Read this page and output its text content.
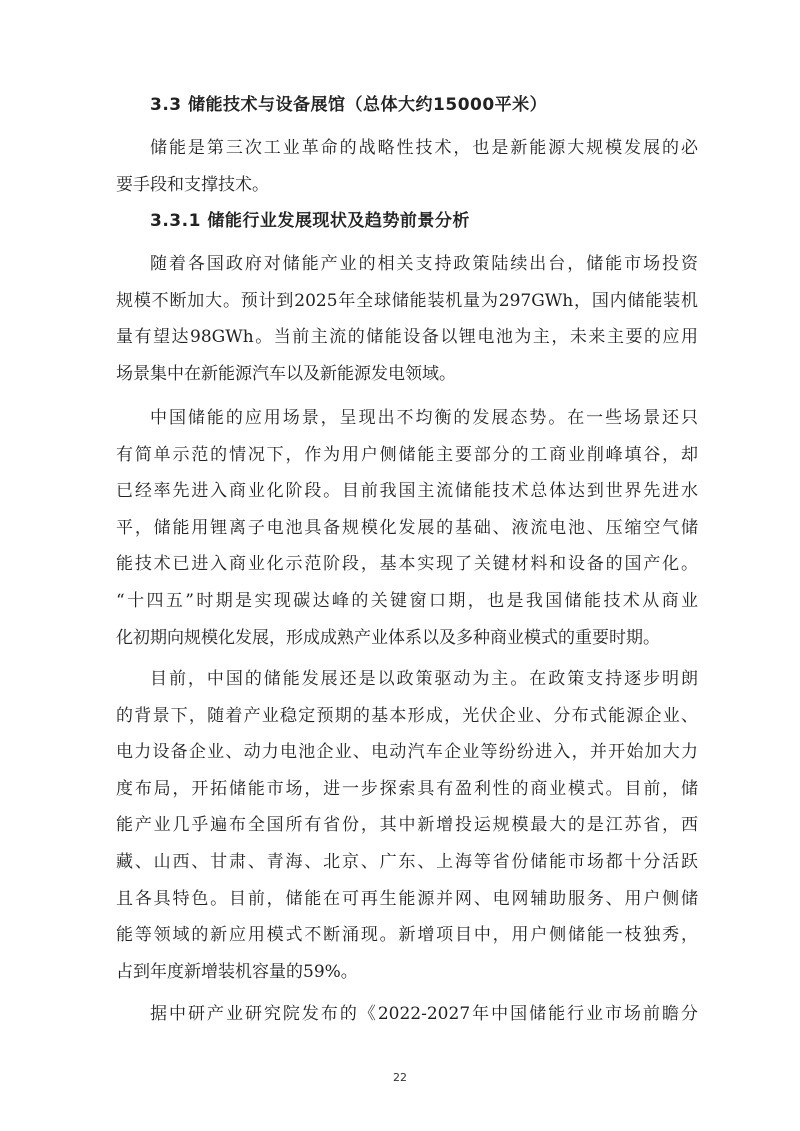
3.3 储能技术与设备展馆（总体大约15000平米）

储能是第三次工业革命的战略性技术，也是新能源大规模发展的必
要手段和支撑技术。

3.3.1 储能行业发展现状及趋势前景分析

随着各国政府对储能产业的相关支持政策陆续出台，储能市场投资
规模不断加大。预计到2025年全球储能装机量为297GWh，国内储能装机
量有望达98GWh。当前主流的储能设备以锂电池为主，未来主要的应用
场景集中在新能源汽车以及新能源发电领域。

中国储能的应用场景，呈现出不均衡的发展态势。在一些场景还只
有简单示范的情况下，作为用户侧储能主要部分的工商业削峰填谷，却
已经率先进入商业化阶段。目前我国主流储能技术总体达到世界先进水
平，储能用锂离子电池具备规模化发展的基础、液流电池、压缩空气储
能技术已进入商业化示范阶段，基本实现了关键材料和设备的国产化。
“十四五”时期是实现碳达峰的关键窗口期，也是我国储能技术从商业
化初期向规模化发展，形成成熟产业体系以及多种商业模式的重要时期。

目前，中国的储能发展还是以政策驱动为主。在政策支持逐步明朗
的背景下，随着产业稳定预期的基本形成，光伏企业、分布式能源企业、
电力设备企业、动力电池企业、电动汽车企业等纷纷进入，并开始加大力
度布局，开拓储能市场，进一步探索具有盈利性的商业模式。目前，储
能产业几乎遍布全国所有省份，其中新增投运规模最大的是江苏省，西
藏、山西、甘肃、青海、北京、广东、上海等省份储能市场都十分活跃
且各具特色。目前，储能在可再生能源并网、电网辅助服务、用户侧储
能等领域的新应用模式不断涌现。新增项目中，用户侧储能一枝独秀，
占到年度新增装机容量的59%。

据中研产业研究院发布的《2022-2027年中国储能行业市场前瞻分

22
